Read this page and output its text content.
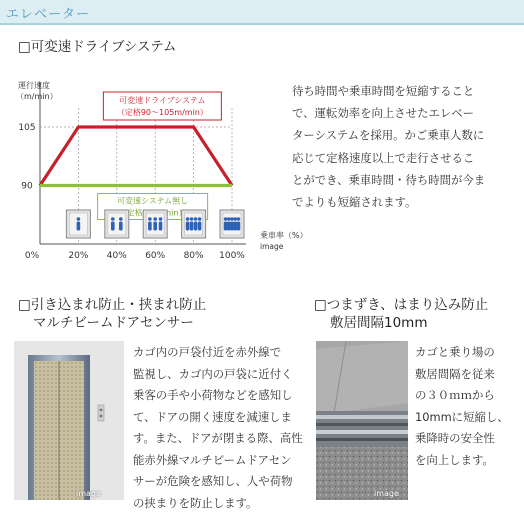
エレベーター
□可変速ドライブシステム
90
105
0%	20% 40% 60% 80% 100%
運行速度
（m/min）
乗車率（%）
image
可変速ドライブシステム
（定格90〜105m/min）
可変速システム無し
待ち時間や乗車時間を短縮すること
で、運転効率を向上させたエレベー
ターシステムを採用。かご乗車人数に
応じて定格速度以上で走行させるこ
とができ、乗車時間・待ち時間が今ま
でよりも短縮されます。
□引き込まれ防止・挟まれ防止
マルチビームドアセンサー
□つまずき、はまり込み防止
敷居間隔10mm
image
カゴ内の戸袋付近を赤外線で
監視し、カゴ内の戸袋に近付く
乗客の手や小荷物などを感知し
て、ドアの開く速度を減速しま
す。また、ドアが閉まる際、高性
能赤外線マルチビームドアセン
サーが危険を感知し、人や荷物
の挟まりを防止します。
image
カゴと乗り場の
敷居間隔を従来
の３０ｍｍから
10mmに短縮し、
乗降時の安全性
を向上します。
